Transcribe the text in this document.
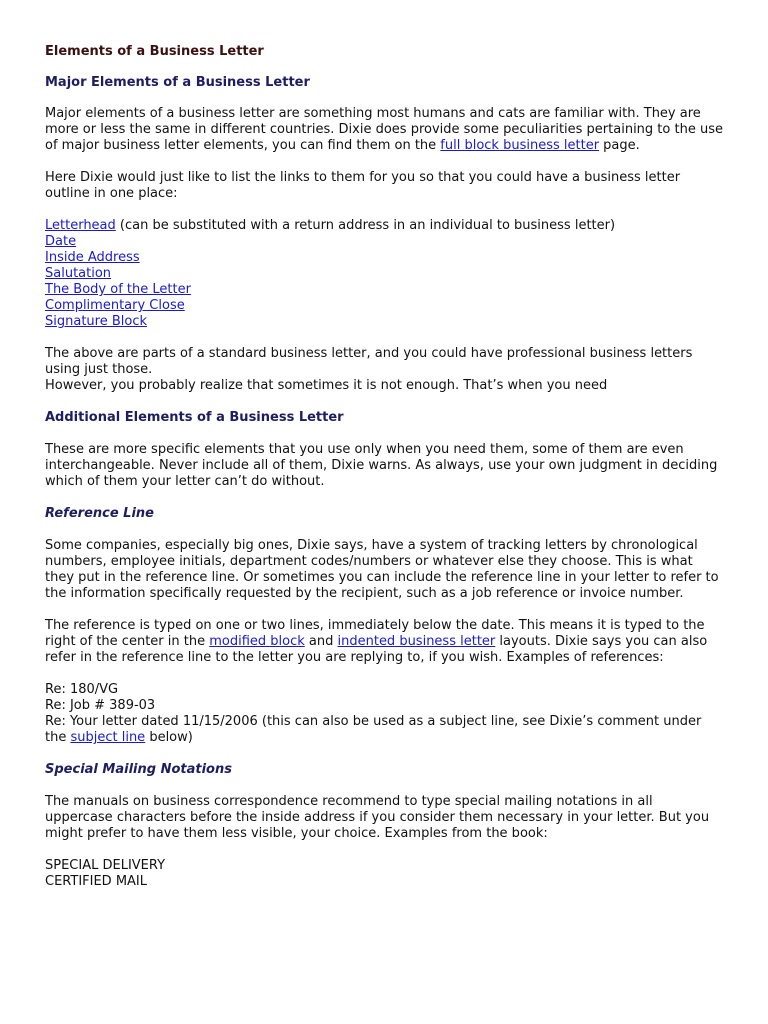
Elements of a Business Letter

Major Elements of a Business Letter

Major elements of a business letter are something most humans and cats are familiar with. They are more or less the same in different countries. Dixie does provide some peculiarities pertaining to the use of major business letter elements, you can find them on the full block business letter page.

Here Dixie would just like to list the links to them for you so that you could have a business letter outline in one place:

Letterhead (can be substituted with a return address in an individual to business letter)
Date
Inside Address
Salutation
The Body of the Letter
Complimentary Close
Signature Block

The above are parts of a standard business letter, and you could have professional business letters using just those.

However, you probably realize that sometimes it is not enough. That’s when you need

Additional Elements of a Business Letter

These are more specific elements that you use only when you need them, some of them are even interchangeable. Never include all of them, Dixie warns. As always, use your own judgment in deciding which of them your letter can’t do without.

Reference Line

Some companies, especially big ones, Dixie says, have a system of tracking letters by chronological numbers, employee initials, department codes/numbers or whatever else they choose. This is what they put in the reference line. Or sometimes you can include the reference line in your letter to refer to the information specifically requested by the recipient, such as a job reference or invoice number.

The reference is typed on one or two lines, immediately below the date. This means it is typed to the right of the center in the modified block and indented business letter layouts. Dixie says you can also refer in the reference line to the letter you are replying to, if you wish. Examples of references:

Re: 180/VG

Re: Job # 389-03

Re: Your letter dated 11/15/2006 (this can also be used as a subject line, see Dixie’s comment under the subject line below)

Special Mailing Notations

The manuals on business correspondence recommend to type special mailing notations in all uppercase characters before the inside address if you consider them necessary in your letter. But you might prefer to have them less visible, your choice. Examples from the book:

SPECIAL DELIVERY

CERTIFIED MAIL
